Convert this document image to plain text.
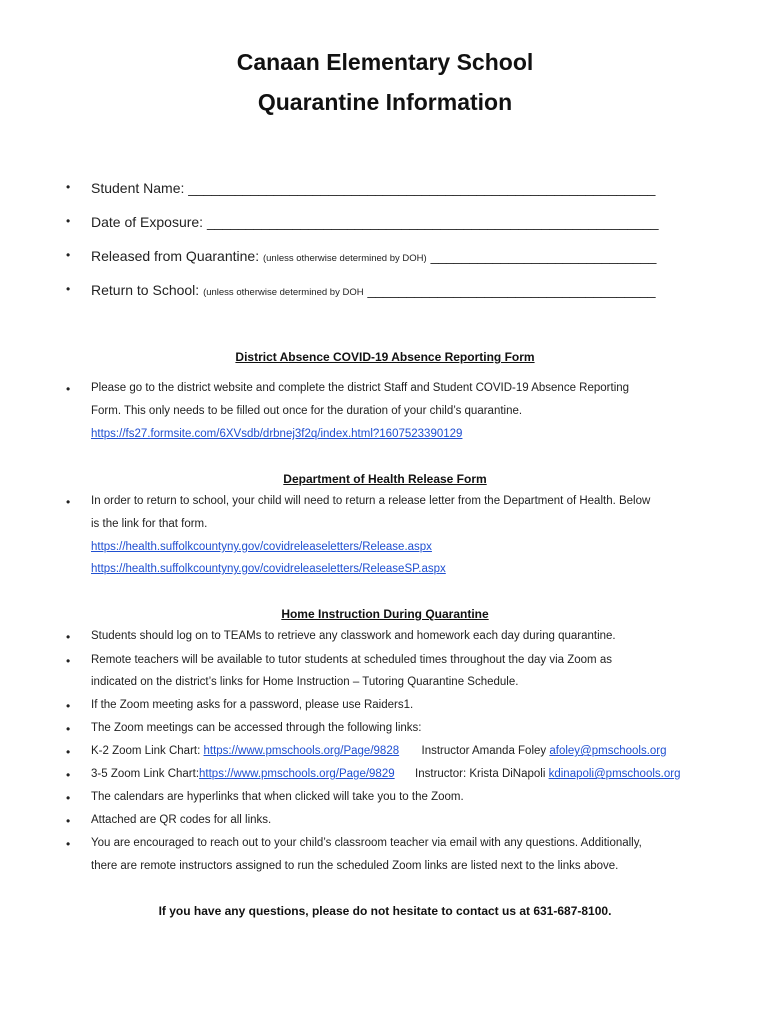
Canaan Elementary School
Quarantine Information
• Student Name: ____________________________________________________________
• Date of Exposure: __________________________________________________________
• Released from Quarantine: (unless otherwise determined by DOH) _____________________________
• Return to School: (unless otherwise determined by DOH _____________________________________
District Absence COVID-19 Absence Reporting Form
• Please go to the district website and complete the district Staff and Student COVID-19 Absence Reporting
Form. This only needs to be filled out once for the duration of your child’s quarantine.
https://fs27.formsite.com/6XVsdb/drbnej3f2q/index.html?1607523390129
Department of Health Release Form
• In order to return to school, your child will need to return a release letter from the Department of Health. Below
is the link for that form.
https://health.suffolkcountyny.gov/covidreleaseletters/Release.aspx
https://health.suffolkcountyny.gov/covidreleaseletters/ReleaseSP.aspx
Home Instruction During Quarantine
• Students should log on to TEAMs to retrieve any classwork and homework each day during quarantine.
• Remote teachers will be available to tutor students at scheduled times throughout the day via Zoom as
indicated on the district’s links for Home Instruction – Tutoring Quarantine Schedule.
• If the Zoom meeting asks for a password, please use Raiders1.
• The Zoom meetings can be accessed through the following links:
• K-2 Zoom Link Chart: https://www.pmschools.org/Page/9828 Instructor Amanda Foley afoley@pmschools.org
• 3-5 Zoom Link Chart:https://www.pmschools.org/Page/9829 Instructor: Krista DiNapoli kdinapoli@pmschools.org
• The calendars are hyperlinks that when clicked will take you to the Zoom.
• Attached are QR codes for all links.
• You are encouraged to reach out to your child’s classroom teacher via email with any questions. Additionally,
there are remote instructors assigned to run the scheduled Zoom links are listed next to the links above.
If you have any questions, please do not hesitate to contact us at 631-687-8100.
